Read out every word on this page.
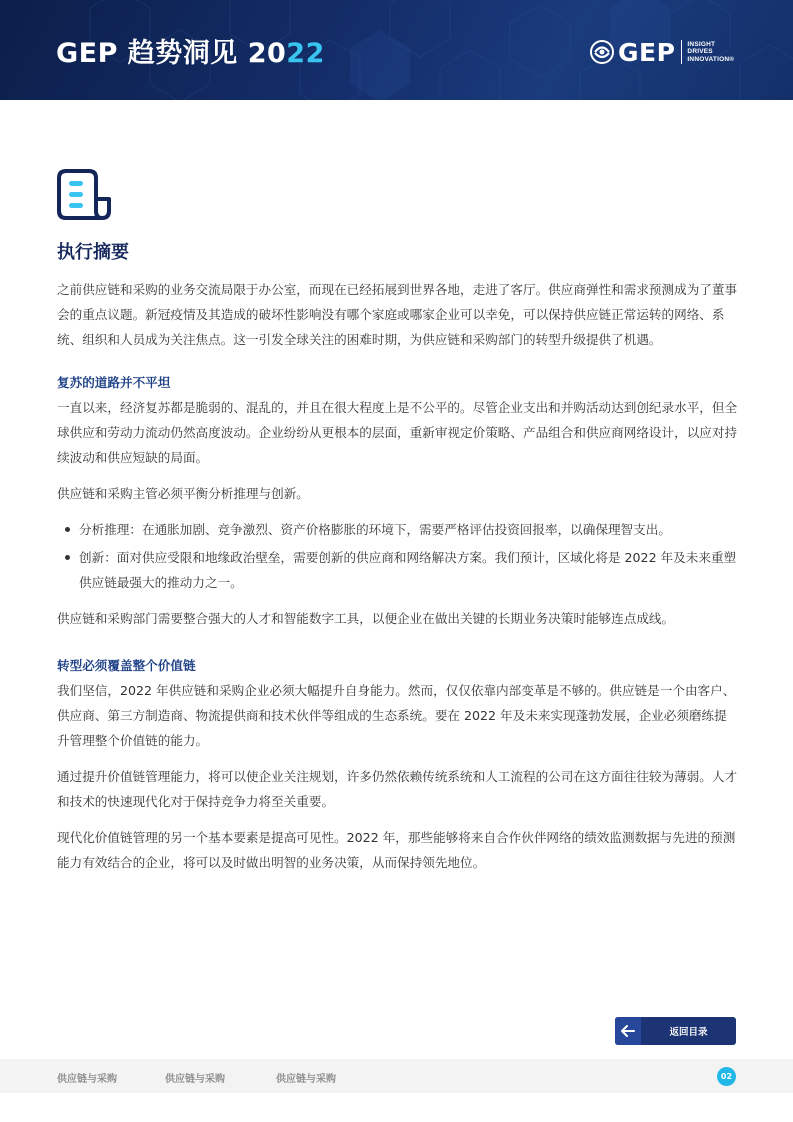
GEP 趋势洞见 2022	GEP INSIGHT
DRIVES
INNOVATION®
执行摘要

之前供应链和采购的业务交流局限于办公室，而现在已经拓展到世界各地，走进了客厅。供应商弹性和需求预测成为了董事会的重点议题。新冠疫情及其造成的破坏性影响没有哪个家庭或哪家企业可以幸免，可以保持供应链正常运转的网络、系统、组织和人员成为关注焦点。这一引发全球关注的困难时期，为供应链和采购部门的转型升级提供了机遇。

复苏的道路并不平坦

一直以来，经济复苏都是脆弱的、混乱的，并且在很大程度上是不公平的。尽管企业支出和并购活动达到创纪录水平，但全球供应和劳动力流动仍然高度波动。企业纷纷从更根本的层面，重新审视定价策略、产品组合和供应商网络设计，以应对持续波动和供应短缺的局面。

供应链和采购主管必须平衡分析推理与创新。

分析推理：在通胀加剧、竞争激烈、资产价格膨胀的环境下，需要严格评估投资回报率，以确保理智支出。
创新：面对供应受限和地缘政治壁垒，需要创新的供应商和网络解决方案。我们预计，区域化将是 2022 年及未来重塑供应链最强大的推动力之一。

供应链和采购部门需要整合强大的人才和智能数字工具，以便企业在做出关键的长期业务决策时能够连点成线。

转型必须覆盖整个价值链

我们坚信，2022 年供应链和采购企业必须大幅提升自身能力。然而，仅仅依靠内部变革是不够的。供应链是一个由客户、供应商、第三方制造商、物流提供商和技术伙伴等组成的生态系统。要在 2022 年及未来实现蓬勃发展，企业必须磨练提升管理整个价值链的能力。

通过提升价值链管理能力，将可以使企业关注规划，许多仍然依赖传统系统和人工流程的公司在这方面往往较为薄弱。人才和技术的快速现代化对于保持竞争力将至关重要。

现代化价值链管理的另一个基本要素是提高可见性。2022 年，那些能够将来自合作伙伴网络的绩效监测数据与先进的预测能力有效结合的企业，将可以及时做出明智的业务决策，从而保持领先地位。

返回目录
供应链与采购	供应链与采购	供应链与采购	02
